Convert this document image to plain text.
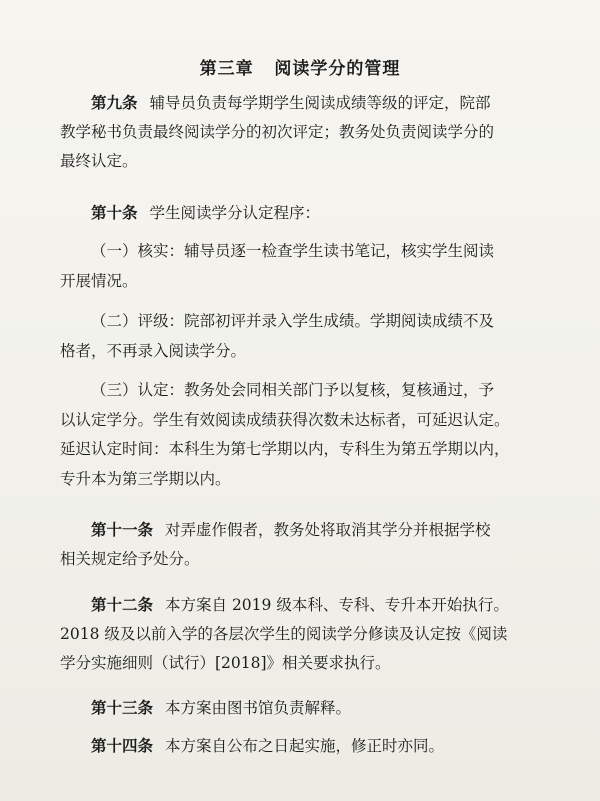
第三章   阅读学分的管理
第九条 辅导员负责每学期学生阅读成绩等级的评定，院部
教学秘书负责最终阅读学分的初次评定；教务处负责阅读学分的
最终认定。
第十条 学生阅读学分认定程序：
（一）核实：辅导员逐一检查学生读书笔记，核实学生阅读
开展情况。
（二）评级：院部初评并录入学生成绩。学期阅读成绩不及
格者，不再录入阅读学分。
（三）认定：教务处会同相关部门予以复核，复核通过，予
以认定学分。学生有效阅读成绩获得次数未达标者，可延迟认定。
延迟认定时间：本科生为第七学期以内，专科生为第五学期以内，
专升本为第三学期以内。
第十一条 对弄虚作假者，教务处将取消其学分并根据学校
相关规定给予处分。
第十二条 本方案自 2019 级本科、专科、专升本开始执行。
2018 级及以前入学的各层次学生的阅读学分修读及认定按《阅读
学分实施细则（试行）[2018]》相关要求执行。
第十三条 本方案由图书馆负责解释。
第十四条 本方案自公布之日起实施，修正时亦同。
